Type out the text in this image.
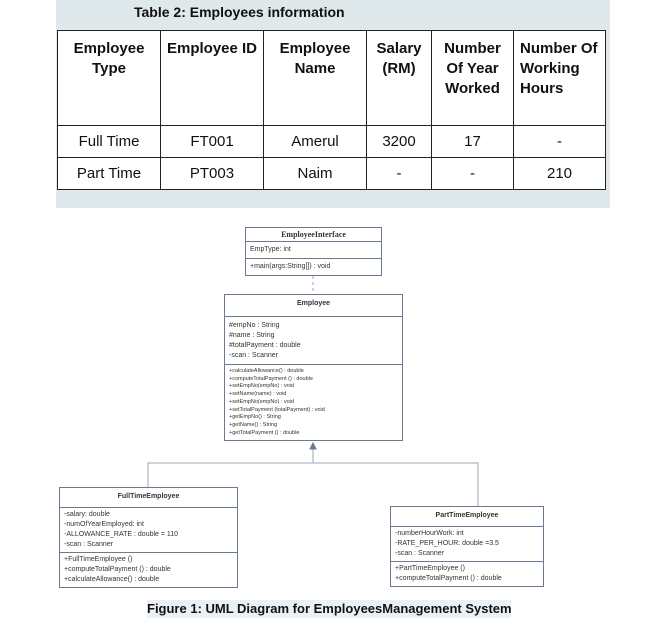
Table 2: Employees information
Employee Type	Employee ID	Employee Name	Salary (RM)	Number Of Year Worked	Number Of Working Hours
Full Time	FT001	Amerul	3200	17	-
Part Time	PT003	Naim	-	-	210
EmployeeInterface
EmpType: int
+main(args:String[]) : void
Employee
#empNo : String
#name : String
#totalPayment : double
-scan : Scanner
+calculateAllowance() : double
+computeTotalPayment () : double
+setEmpNo(empNo) : void
+setName(name) : void
+setEmpNo(empNo) : void
+setTotalPayment (totalPayment) : void
+getEmpNo() : String
+getName() : String
+getTotalPayment () : double
FullTimeEmployee
-salary: double
-numOfYearEmployed: int
-ALLOWANCE_RATE : double = 110
-scan : Scanner
+FullTimeEmployee ()
+computeTotalPayment () : double
+calculateAllowance() : double
PartTimeEmployee
-numberHourWork: int
-RATE_PER_HOUR: double =3.5
-scan : Scanner
+PartTimeEmployee ()
+computeTotalPayment () : double
Figure 1: UML Diagram for EmployeesManagement System
